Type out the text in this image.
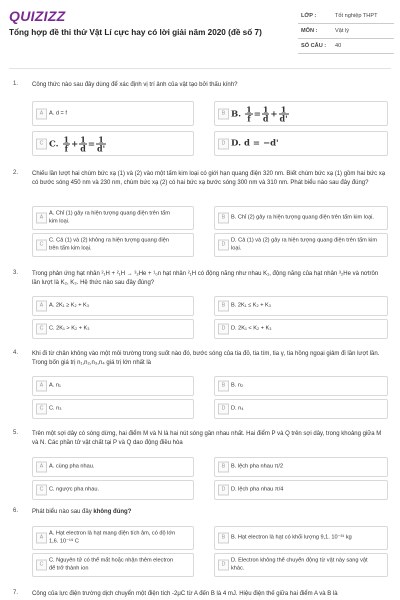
QUIZIZZ
Tổng hợp đề thi thử Vật Lí cực hay có lời giải năm 2020 (đề số 7)
LỚP :	Tốt nghiệp THPT
MÔN :	Vật lý
SỐ CÂU :	40
1. Công thức nào sau đây dùng để xác định vị trí ảnh của vật tạo bởi thấu kính?
A	A. d = f	B B. $\frac{1}{f} = \frac{1}{d} + \frac{1}{d'}$
C C. $\frac{1}{f} + \frac{1}{d} = \frac{1}{d'}$	D D. d = −d'
2. Chiếu lần lượt hai chùm bức xạ (1) và (2) vào một tấm kim loại có giới hạn quang điện 320 nm. Biết chùm bức xạ (1) gồm hai bức xạ có bước sóng 450 nm và 230 nm, chùm bức xạ (2) có hai bức xạ bước sóng 300 nm và 310 nm. Phát biểu nào sau đây đúng?
A
A. Chỉ (1) gây ra hiện tượng quang điện trên tấm kim loại.
B	B. Chỉ (2) gây ra hiện tượng quang điện trên tấm kim loại.
C
C. Cả (1) và (2) không ra hiện tượng quang điện trên tấm kim loại.
D
D. Cả (1) và (2) gây ra hiện tượng quang điện trên tấm kim loại.
3. Trong phản ứng hạt nhân ²₁H + ²₁H → ³₂He + ¹₀n hạt nhân ²₁H có động năng như nhau K₁, động năng của hạt nhân ³₂He và nơtrôn lần lượt là K₂, K₃. Hệ thức nào sau đây đúng?
A	A. 2K₁ ≥ K₂ + K₃	B	B. 2K₁ ≤ K₂ + K₃
C	C. 2K₁ > K₂ + K₃	D	D. 2K₁ < K₂ + K₃
4. Khi đi từ chân không vào một môi trường trong suốt nào đó, bước sóng của tia đỏ, tia tím, tia γ, tia hồng ngoại giảm đi lần lượt lần. Trong bốn giá trị n₁,n₂,n₃,n₄ giá trị lớn nhất là
A	A. n₁	B	B. n₂
C	C. n₃	D	D. n₄
5. Trên một sợi dây có sóng dừng, hai điểm M và N là hai nút sóng gần nhau nhất. Hai điểm P và Q trên sợi dây, trong khoảng giữa M và N. Các phần tử vật chất tại P và Q dao động điều hòa
A	A. cùng pha nhau.	B	B. lệch pha nhau π/2
C	C. ngược pha nhau.	D	D. lệch pha nhau π/4
6. Phát biểu nào sau đây không đúng?
A
A. Hạt electron là hạt mang điện tích âm, có độ lớn 1,6. 10⁻¹⁹ C
B	B. Hạt electron là hạt có khối lượng 9,1. 10⁻³¹ kg
C
C. Nguyên tử có thể mất hoặc nhận thêm electron để trở thành ion
D
D. Electron không thể chuyển động từ vật này sang vật khác.
7. Công của lực điện trường dịch chuyển một điện tích -2μC từ A đến B là 4 mJ. Hiệu điện thế giữa hai điểm A và B là
